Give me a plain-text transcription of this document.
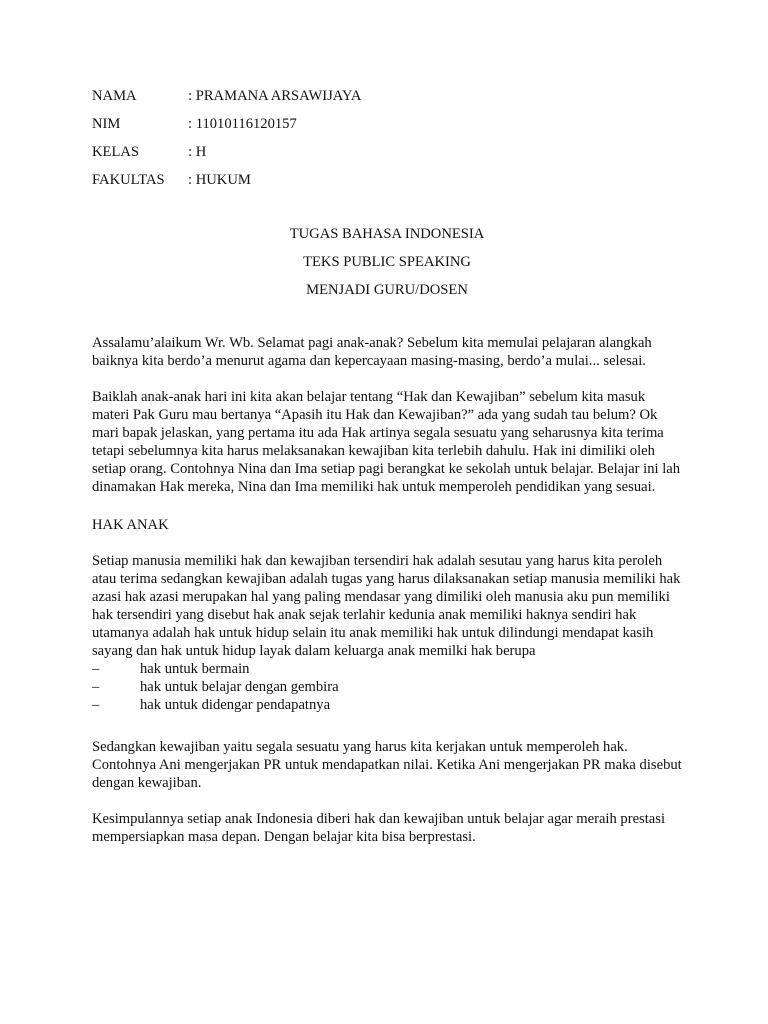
NAMA	: PRAMANA ARSAWIJAYA
NIM	: 11010116120157
KELAS	: H
FAKULTAS	: HUKUM
TUGAS BAHASA INDONESIA
TEKS PUBLIC SPEAKING
MENJADI GURU/DOSEN

Assalamu’alaikum Wr. Wb. Selamat pagi anak-anak? Sebelum kita memulai pelajaran alangkah baiknya kita berdo’a menurut agama dan kepercayaan masing-masing, berdo’a mulai... selesai.

Baiklah anak-anak hari ini kita akan belajar tentang “Hak dan Kewajiban” sebelum kita masuk materi Pak Guru mau bertanya “Apasih itu Hak dan Kewajiban?” ada yang sudah tau belum? Ok mari bapak jelaskan, yang pertama itu ada Hak artinya segala sesuatu yang seharusnya kita terima tetapi sebelumnya kita harus melaksanakan kewajiban kita terlebih dahulu. Hak ini dimiliki oleh setiap orang. Contohnya Nina dan Ima setiap pagi berangkat ke sekolah untuk belajar. Belajar ini lah dinamakan Hak mereka, Nina dan Ima memiliki hak untuk memperoleh pendidikan yang sesuai.

HAK ANAK

Setiap manusia memiliki hak dan kewajiban tersendiri hak adalah sesutau yang harus kita peroleh atau terima sedangkan kewajiban adalah tugas yang harus dilaksanakan setiap manusia memiliki hak azasi hak azasi merupakan hal yang paling mendasar yang dimiliki oleh manusia aku pun memiliki hak tersendiri yang disebut hak anak sejak terlahir kedunia anak memiliki haknya sendiri hak utamanya adalah hak untuk hidup selain itu anak memiliki hak untuk dilindungi mendapat kasih sayang dan hak untuk hidup layak dalam keluarga anak memilki hak berupa

–	hak untuk bermain
–	hak untuk belajar dengan gembira
–	hak untuk didengar pendapatnya

Sedangkan kewajiban yaitu segala sesuatu yang harus kita kerjakan untuk memperoleh hak. Contohnya Ani mengerjakan PR untuk mendapatkan nilai. Ketika Ani mengerjakan PR maka disebut dengan kewajiban.

Kesimpulannya setiap anak Indonesia diberi hak dan kewajiban untuk belajar agar meraih prestasi mempersiapkan masa depan. Dengan belajar kita bisa berprestasi.
